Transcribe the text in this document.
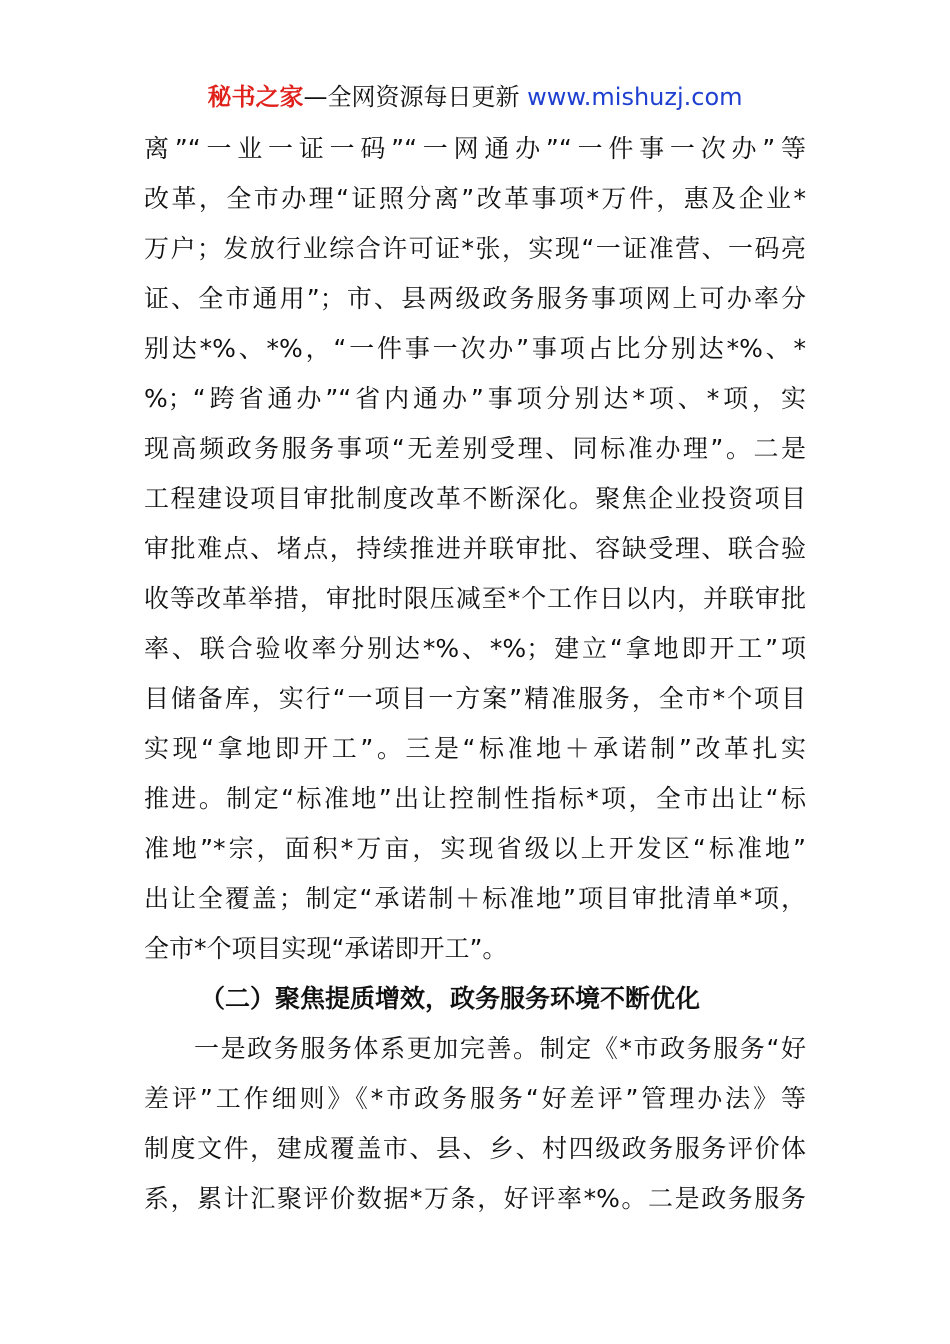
秘书之家—全网资源每日更新 www.mishuzj.com
离”“一业一证一码”“一网通办”“一件事一次办”等
改革，全市办理“证照分离”改革事项*万件，惠及企业*
万户；发放行业综合许可证*张，实现“一证准营、一码亮
证、全市通用”；市、县两级政务服务事项网上可办率分
别达*%、*%，“一件事一次办”事项占比分别达*%、*
%；“跨省通办”“省内通办”事项分别达*项、*项，实
现高频政务服务事项“无差别受理、同标准办理”。二是
工程建设项目审批制度改革不断深化。聚焦企业投资项目
审批难点、堵点，持续推进并联审批、容缺受理、联合验
收等改革举措，审批时限压减至*个工作日以内，并联审批
率、联合验收率分别达*%、*%；建立“拿地即开工”项
目储备库，实行“一项目一方案”精准服务，全市*个项目
实现“拿地即开工”。三是“标准地＋承诺制”改革扎实
推进。制定“标准地”出让控制性指标*项，全市出让“标
准地”*宗，面积*万亩，实现省级以上开发区“标准地”
出让全覆盖；制定“承诺制＋标准地”项目审批清单*项，
全市*个项目实现“承诺即开工”。
（二）聚焦提质增效，政务服务环境不断优化
一是政务服务体系更加完善。制定《*市政务服务“好
差评”工作细则》《*市政务服务“好差评”管理办法》等
制度文件，建成覆盖市、县、乡、村四级政务服务评价体
系，累计汇聚评价数据*万条，好评率*%。二是政务服务
